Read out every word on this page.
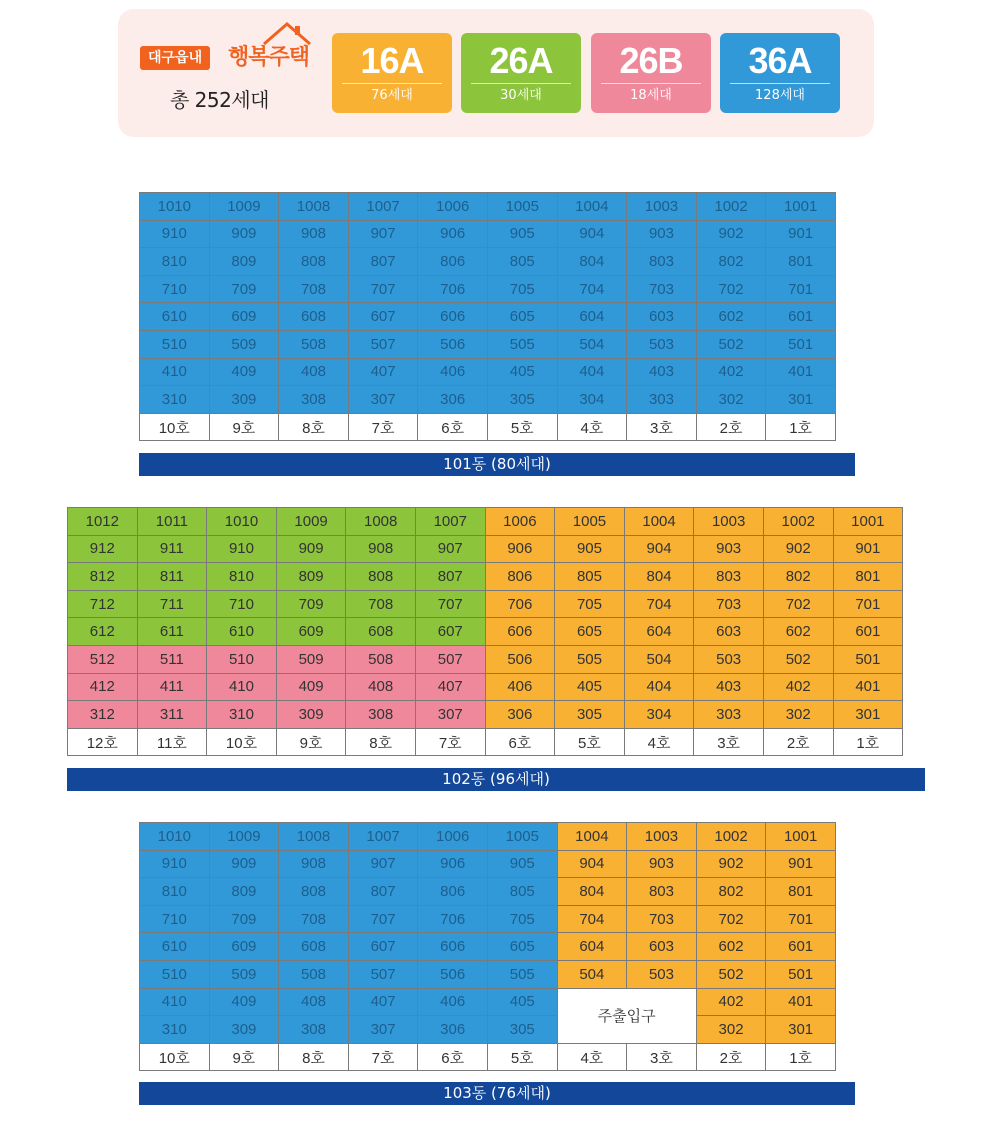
대구읍내	행복주택
총 252세대
16A
76세대
26A
30세대
26B
18세대
36A
128세대
1010	1009	1008	1007	1006	1005	1004	1003	1002	1001
910	909	908	907	906	905	904	903	902	901
810	809	808	807	806	805	804	803	802	801
710	709	708	707	706	705	704	703	702	701
610	609	608	607	606	605	604	603	602	601
510	509	508	507	506	505	504	503	502	501
410	409	408	407	406	405	404	403	402	401
310	309	308	307	306	305	304	303	302	301
10호	9호	8호	7호	6호	5호	4호	3호	2호	1호
101동 (80세대)
1012	1011	1010	1009	1008	1007	1006	1005	1004	1003	1002	1001
912	911	910	909	908	907	906	905	904	903	902	901
812	811	810	809	808	807	806	805	804	803	802	801
712	711	710	709	708	707	706	705	704	703	702	701
612	611	610	609	608	607	606	605	604	603	602	601
512	511	510	509	508	507	506	505	504	503	502	501
412	411	410	409	408	407	406	405	404	403	402	401
312	311	310	309	308	307	306	305	304	303	302	301
12호	11호	10호	9호	8호	7호	6호	5호	4호	3호	2호	1호
102동 (96세대)
1010	1009	1008	1007	1006	1005	1004	1003	1002	1001
910	909	908	907	906	905	904	903	902	901
810	809	808	807	806	805	804	803	802	801
710	709	708	707	706	705	704	703	702	701
610	609	608	607	606	605	604	603	602	601
510	509	508	507	506	505	504	503	502	501
410	409	408	407	406	405	주출입구		402	401
310	309	308	307	306	305			302	301
10호	9호	8호	7호	6호	5호	4호	3호	2호	1호
103동 (76세대)
